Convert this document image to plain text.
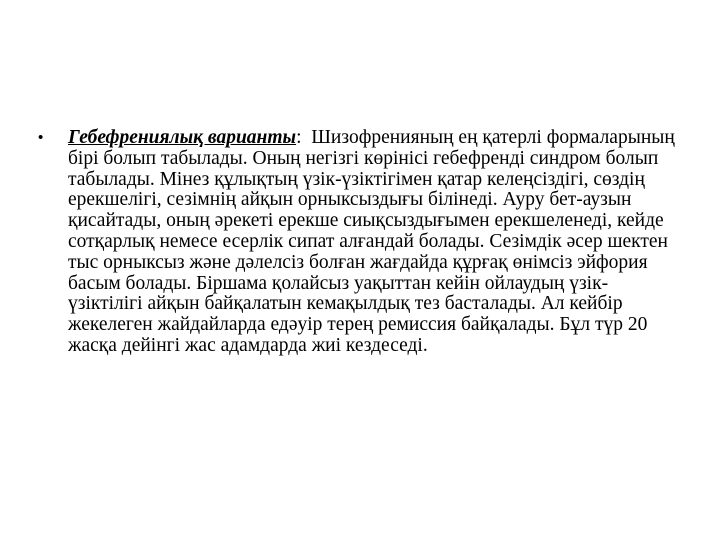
•	Гебефрениялық варианты: Шизофренияның ең қатерлі формаларының бірі болып табылады. Оның негізгі көрінісі гебефренді синдром болып табылады. Мінез құлықтың үзік-үзіктігімен қатар келеңсіздігі, сөздің ерекшелігі, сезімнің айқын орныксыздығы білінеді. Ауру бет-аузын қисайтады, оның әрекеті ерекше сиықсыздығымен ерекшеленеді, кейде сотқарлық немесе есерлік сипат алғандай болады. Сезімдік әсер шектен тыс орныксыз және дәлелсіз болған жағдайда құрғақ өнімсіз эйфория басым болады. Біршама қолайсыз уақыттан кейін ойлаудың үзік-үзіктілігі айқын байқалатын кемақылдық тез басталады. Ал кейбір жекелеген жайдайларда едәуір терең ремиссия байқалады. Бұл түр 20 жасқа дейінгі жас адамдарда жиі кездеседі.
